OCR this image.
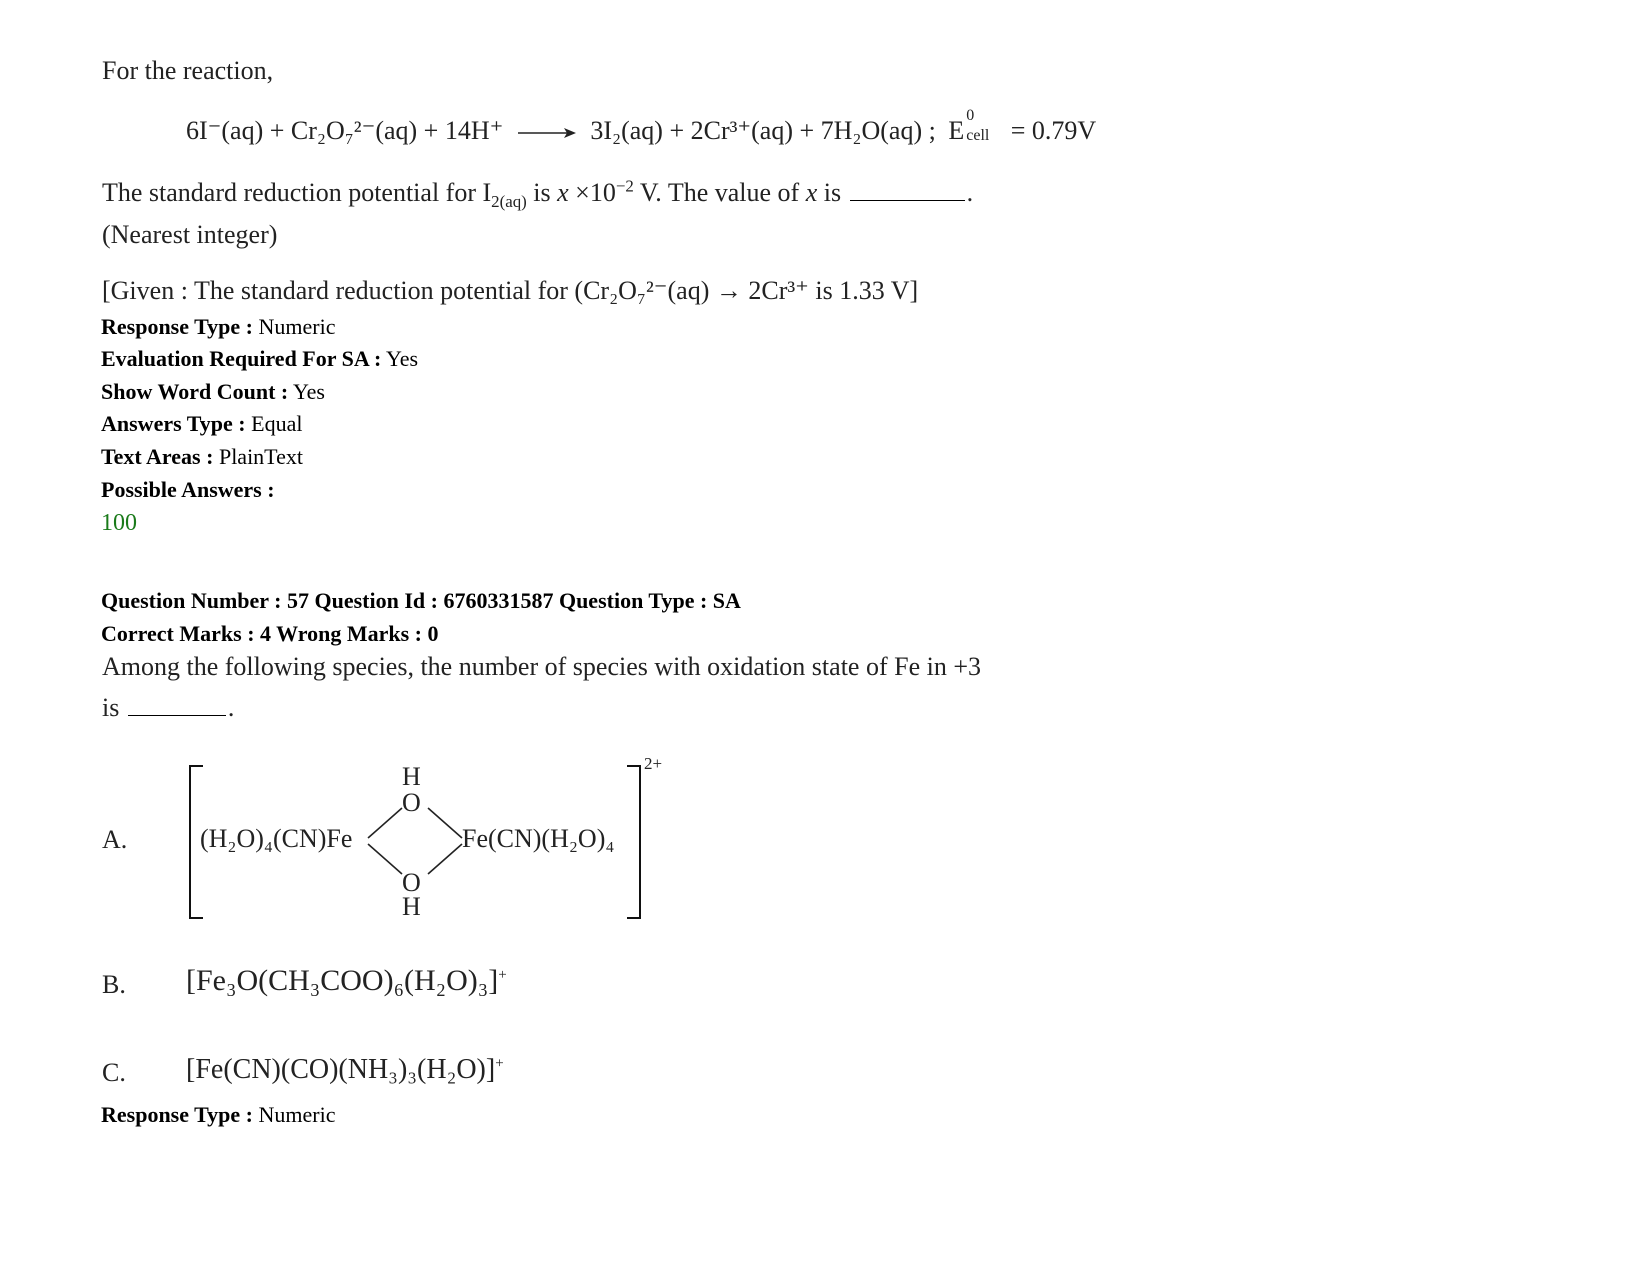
For the reaction,
6I⁻(aq) + Cr₂O₇²⁻(aq) + 14H⁺ → 3I₂(aq) + 2Cr³⁺(aq) + 7H₂O(aq) ; E
0
cell = 0.79V
The standard reduction potential for $I_{2(aq)}$ is $x \times 10^{-2}$ V. The value of x is	.
(Nearest integer)
[Given : The standard reduction potential for (Cr₂O₇²⁻(aq) → 2Cr³⁺ is 1.33 V]
Response Type : Numeric
Evaluation Required For SA : Yes
Show Word Count : Yes
Answers Type : Equal
Text Areas : PlainText
Possible Answers :
100
Question Number : 57 Question Id : 6760331587 Question Type : SA
Correct Marks : 4 Wrong Marks : 0
Among the following species, the number of species with oxidation state of Fe in +3
is	.
A.
2+
(H₂O)₄(CN)Fe	Fe(CN)(H₂O)₄
H
O
O
H
B. [Fe₃O(CH₃COO)₆(H₂O)₃]+
C. [Fe(CN)(CO)(NH₃)₃(H₂O)]+
Response Type : Numeric
